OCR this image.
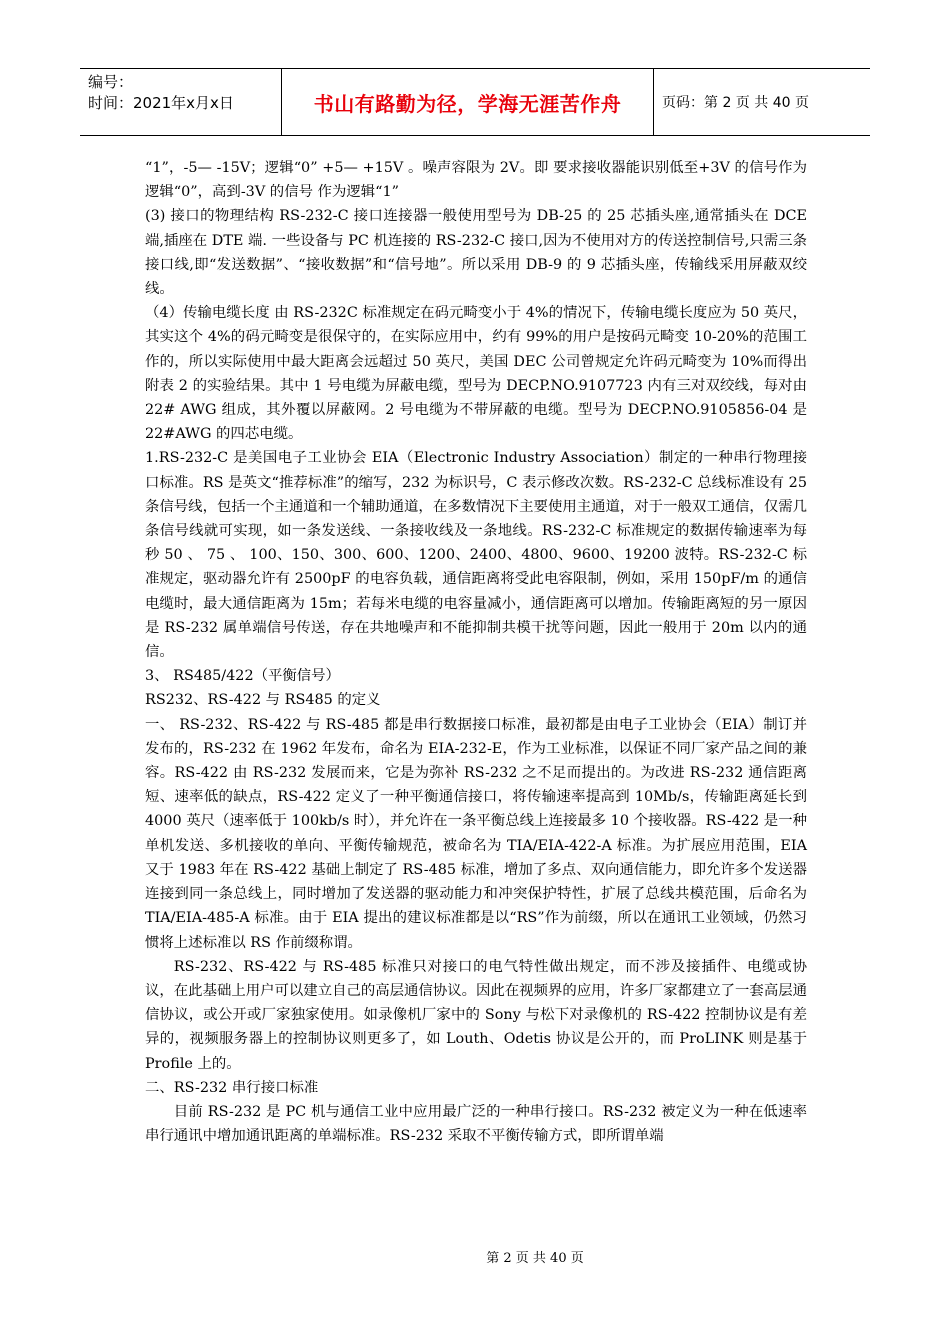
编号：
时间：2021年x月x日	书山有路勤为径，学海无涯苦作舟	页码：第 2 页 共 40 页

“1”，-5— -15V；逻辑“0” +5— +15V 。噪声容限为 2V。即 要求接收器能识别低至+3V 的信号作为逻辑“0”，高到-3V 的信号 作为逻辑“1”

(3) 接口的物理结构 RS-232-C 接口连接器一般使用型号为 DB-25 的 25 芯插头座,通常插头在 DCE 端,插座在 DTE 端. 一些设备与 PC 机连接的 RS-232-C 接口,因为不使用对方的传送控制信号,只需三条接口线,即“发送数据”、“接收数据”和“信号地”。所以采用 DB-9 的 9 芯插头座，传输线采用屏蔽双绞线。

（4）传输电缆长度 由 RS-232C 标准规定在码元畸变小于 4%的情况下，传输电缆长度应为 50 英尺，其实这个 4%的码元畸变是很保守的，在实际应用中，约有 99%的用户是按码元畸变 10-20%的范围工作的，所以实际使用中最大距离会远超过 50 英尺，美国 DEC 公司曾规定允许码元畸变为 10%而得出附表 2 的实验结果。其中 1 号电缆为屏蔽电缆，型号为 DECP.NO.9107723 内有三对双绞线，每对由 22# AWG 组成，其外覆以屏蔽网。2 号电缆为不带屏蔽的电缆。型号为 DECP.NO.9105856-04 是 22#AWG 的四芯电缆。

1.RS-232-C 是美国电子工业协会 EIA（Electronic Industry Association）制定的一种串行物理接口标准。RS 是英文“推荐标准”的缩写，232 为标识号，C 表示修改次数。RS-232-C 总线标准设有 25 条信号线，包括一个主通道和一个辅助通道，在多数情况下主要使用主通道，对于一般双工通信，仅需几条信号线就可实现，如一条发送线、一条接收线及一条地线。RS-232-C 标准规定的数据传输速率为每秒 50 、 75 、 100、150、300、600、1200、2400、4800、9600、19200 波特。RS-232-C 标准规定，驱动器允许有 2500pF 的电容负载，通信距离将受此电容限制，例如，采用 150pF/m 的通信电缆时，最大通信距离为 15m；若每米电缆的电容量减小，通信距离可以增加。传输距离短的另一原因是 RS-232 属单端信号传送，存在共地噪声和不能抑制共模干扰等问题，因此一般用于 20m 以内的通信。

3、 RS485/422（平衡信号）

RS232、RS-422 与 RS485 的定义

一、 RS-232、RS-422 与 RS-485 都是串行数据接口标准，最初都是由电子工业协会（EIA）制订并发布的，RS-232 在 1962 年发布，命名为 EIA-232-E，作为工业标准，以保证不同厂家产品之间的兼容。RS-422 由 RS-232 发展而来，它是为弥补 RS-232 之不足而提出的。为改进 RS-232 通信距离短、速率低的缺点，RS-422 定义了一种平衡通信接口，将传输速率提高到 10Mb/s，传输距离延长到 4000 英尺（速率低于 100kb/s 时），并允许在一条平衡总线上连接最多 10 个接收器。RS-422 是一种单机发送、多机接收的单向、平衡传输规范，被命名为 TIA/EIA-422-A 标准。为扩展应用范围，EIA 又于 1983 年在 RS-422 基础上制定了 RS-485 标准，增加了多点、双向通信能力，即允许多个发送器连接到同一条总线上，同时增加了发送器的驱动能力和冲突保护特性，扩展了总线共模范围，后命名为 TIA/EIA-485-A 标准。由于 EIA 提出的建议标准都是以“RS”作为前缀，所以在通讯工业领域，仍然习惯将上述标准以 RS 作前缀称谓。

RS-232、RS-422 与 RS-485 标准只对接口的电气特性做出规定，而不涉及接插件、电缆或协议，在此基础上用户可以建立自己的高层通信协议。因此在视频界的应用，许多厂家都建立了一套高层通信协议，或公开或厂家独家使用。如录像机厂家中的 Sony 与松下对录像机的 RS-422 控制协议是有差异的，视频服务器上的控制协议则更多了，如 Louth、Odetis 协议是公开的，而 ProLINK 则是基于 Profile 上的。

二、RS-232 串行接口标准

目前 RS-232 是 PC 机与通信工业中应用最广泛的一种串行接口。RS-232 被定义为一种在低速率串行通讯中增加通讯距离的单端标准。RS-232 采取不平衡传输方式，即所谓单端

第 2 页 共 40 页
